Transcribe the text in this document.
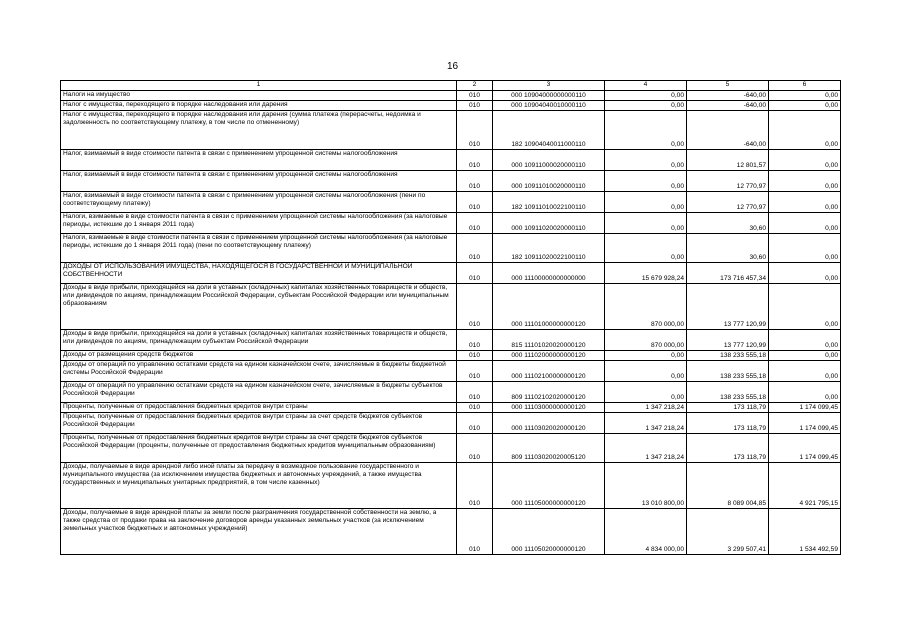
16
1	2	3	4	5	6
Налоги на имущество	010	000 10904000000000110	0,00	-640,00	0,00
Налог с имущества, переходящего в порядке наследования или дарения	010	000 10904040010000110	0,00	-640,00	0,00
Налог с имущества, переходящего в порядке наследования или дарения (сумма платежа (перерасчеты, недоимка и задолженность по соответствующему платежу, в том числе по отмененному)	010	182 10904040011000110	0,00	-640,00	0,00
Налог, взимаемый в виде стоимости патента в связи с применением упрощенной системы налогообложения	010	000 10911000020000110	0,00	12 801,57	0,00
Налог, взимаемый в виде стоимости патента в связи с применением упрощенной системы налогообложения	010	000 10911010020000110	0,00	12 770,97	0,00
Налог, взимаемый в виде стоимости патента в связи с применением упрощенной системы налогообложения (пени по соответствующему платежу)	010	182 10911010022100110	0,00	12 770,97	0,00
Налоги, взимаемые в виде стоимости патента в связи с применением упрощенной системы налогообложения (за налоговые периоды, истекшие до 1 января 2011 года)	010	000 10911020020000110	0,00	30,60	0,00
Налоги, взимаемые в виде стоимости патента в связи с применением упрощенной системы налогообложения (за налоговые периоды, истекшие до 1 января 2011 года) (пени по соответствующему платежу)	010	182 10911020022100110	0,00	30,60	0,00
ДОХОДЫ ОТ ИСПОЛЬЗОВАНИЯ ИМУЩЕСТВА, НАХОДЯЩЕГОСЯ В ГОСУДАРСТВЕННОЙ И МУНИЦИПАЛЬНОЙ СОБСТВЕННОСТИ	010	000 11100000000000000	15 679 928,24	173 716 457,34	0,00
Доходы в виде прибыли, приходящейся на доли в уставных (складочных) капиталах хозяйственных товариществ и обществ, или дивидендов по акциям, принадлежащим Российской Федерации, субъектам Российской Федерации или муниципальным образованиям	010	000 11101000000000120	870 000,00	13 777 120,99	0,00
Доходы в виде прибыли, приходящейся на доли в уставных (складочных) капиталах хозяйственных товариществ и обществ, или дивидендов по акциям, принадлежащим субъектам Российской Федерации	010	815 11101020020000120	870 000,00	13 777 120,99	0,00
Доходы от размещения средств бюджетов	010	000 11102000000000120	0,00	138 233 555,18	0,00
Доходы от операций по управлению остатками средств на едином казначейском счете, зачисляемые в бюджеты бюджетной системы Российской Федерации	010	000 11102100000000120	0,00	138 233 555,18	0,00
Доходы от операций по управлению остатками средств на едином казначейском счете, зачисляемые в бюджеты субъектов Российской Федерации	010	809 11102102020000120	0,00	138 233 555,18	0,00
Проценты, полученные от предоставления бюджетных кредитов внутри страны	010	000 11103000000000120	1 347 218,24	173 118,79	1 174 099,45
Проценты, полученные от предоставления бюджетных кредитов внутри страны за счет средств бюджетов субъектов Российской Федерации	010	000 11103020020000120	1 347 218,24	173 118,79	1 174 099,45
Проценты, полученные от предоставления бюджетных кредитов внутри страны за счет средств бюджетов субъектов Российской Федерации (проценты, полученные от предоставления бюджетных кредитов муниципальным образованиям)	010	809 11103020020005120	1 347 218,24	173 118,79	1 174 099,45
Доходы, получаемые в виде арендной либо иной платы за передачу в возмездное пользование государственного и муниципального имущества (за исключением имущества бюджетных и автономных учреждений, а также имущества государственных и муниципальных унитарных предприятий, в том числе казенных)	010	000 11105000000000120	13 010 800,00	8 089 004,85	4 921 795,15
Доходы, получаемые в виде арендной платы за земли после разграничения государственной собственности на землю, а также средства от продажи права на заключение договоров аренды указанных земельных участков (за исключением земельных участков бюджетных и автономных учреждений)	010	000 11105020000000120	4 834 000,00	3 299 507,41	1 534 492,59
